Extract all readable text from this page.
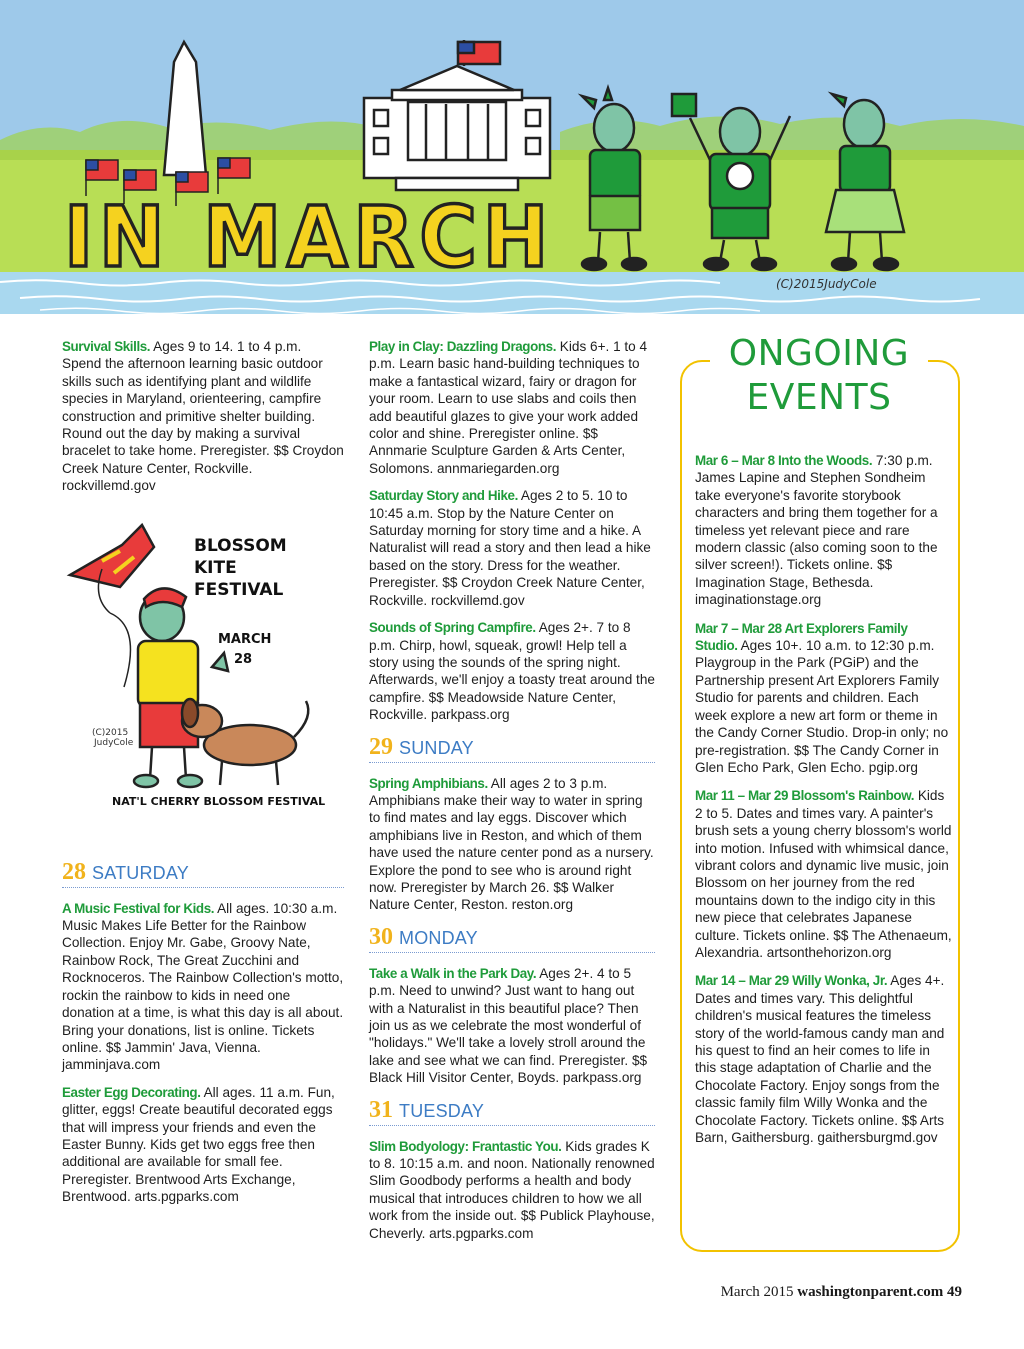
IN MARCH	(C)2015JudyCole
Survival Skills. Ages 9 to 14. 1 to 4 p.m. Spend the afternoon learning basic outdoor skills such as identifying plant and wildlife species in Maryland, orienteering, campfire construction and primitive shelter building. Round out the day by making a survival bracelet to take home. Preregister. $$ Croydon Creek Nature Center, Rockville. rockvillemd.gov
BLOSSOM
KITE
FESTIVAL
MARCH
28
(C)2015
JudyCole
NAT'L CHERRY BLOSSOM FESTIVAL
28 SATURDAY
A Music Festival for Kids. All ages. 10:30 a.m. Music Makes Life Better for the Rainbow Collection. Enjoy Mr. Gabe, Groovy Nate, Rainbow Rock, The Great Zucchini and Rocknoceros. The Rainbow Collection's motto, rockin the rainbow to kids in need one donation at a time, is what this day is all about. Bring your donations, list is online. Tickets online. $$ Jammin' Java, Vienna. jamminjava.com
Easter Egg Decorating. All ages. 11 a.m. Fun, glitter, eggs! Create beautiful decorated eggs that will impress your friends and even the Easter Bunny. Kids get two eggs free then additional are available for small fee. Preregister. Brentwood Arts Exchange, Brentwood. arts.pgparks.com
Play in Clay: Dazzling Dragons. Kids 6+. 1 to 4 p.m. Learn basic hand-building techniques to make a fantastical wizard, fairy or dragon for your room. Learn to use slabs and coils then add beautiful glazes to give your work added color and shine. Preregister online. $$ Annmarie Sculpture Garden & Arts Center, Solomons. annmariegarden.org
Saturday Story and Hike. Ages 2 to 5. 10 to 10:45 a.m. Stop by the Nature Center on Saturday morning for story time and a hike. A Naturalist will read a story and then lead a hike based on the story. Dress for the weather. Preregister. $$ Croydon Creek Nature Center, Rockville. rockvillemd.gov
Sounds of Spring Campfire. Ages 2+. 7 to 8 p.m. Chirp, howl, squeak, growl! Help tell a story using the sounds of the spring night. Afterwards, we'll enjoy a toasty treat around the campfire. $$ Meadowside Nature Center, Rockville. parkpass.org
29 SUNDAY
Spring Amphibians. All ages 2 to 3 p.m. Amphibians make their way to water in spring to find mates and lay eggs. Discover which amphibians live in Reston, and which of them have used the nature center pond as a nursery. Explore the pond to see who is around right now. Preregister by March 26. $$ Walker Nature Center, Reston. reston.org
30 MONDAY
Take a Walk in the Park Day. Ages 2+. 4 to 5 p.m. Need to unwind? Just want to hang out with a Naturalist in this beautiful place? Then join us as we celebrate the most wonderful of "holidays." We'll take a lovely stroll around the lake and see what we can find. Preregister. $$ Black Hill Visitor Center, Boyds. parkpass.org
31 TUESDAY
Slim Bodyology: Frantastic You. Kids grades K to 8. 10:15 a.m. and noon. Nationally renowned Slim Goodbody performs a health and body musical that introduces children to how we all work from the inside out. $$ Publick Playhouse, Cheverly. arts.pgparks.com
ONGOING
EVENTS
Mar 6 – Mar 8 Into the Woods. 7:30 p.m. James Lapine and Stephen Sondheim take everyone's favorite storybook characters and bring them together for a timeless yet relevant piece and rare modern classic (also coming soon to the silver screen!). Tickets online. $$ Imagination Stage, Bethesda. imaginationstage.org
Mar 7 – Mar 28 Art Explorers Family Studio. Ages 10+. 10 a.m. to 12:30 p.m. Playgroup in the Park (PGiP) and the Partnership present Art Explorers Family Studio for parents and children. Each week explore a new art form or theme in the Candy Corner Studio. Drop-in only; no pre-registration. $$ The Candy Corner in Glen Echo Park, Glen Echo. pgip.org
Mar 11 – Mar 29 Blossom's Rainbow. Kids 2 to 5. Dates and times vary. A painter's brush sets a young cherry blossom's world into motion. Infused with whimsical dance, vibrant colors and dynamic live music, join Blossom on her journey from the red mountains down to the indigo city in this new piece that celebrates Japanese culture. Tickets online. $$ The Athenaeum, Alexandria. artsonthehorizon.org
Mar 14 – Mar 29 Willy Wonka, Jr. Ages 4+. Dates and times vary. This delightful children's musical features the timeless story of the world-famous candy man and his quest to find an heir comes to life in this stage adaptation of Charlie and the Chocolate Factory. Enjoy songs from the classic family film Willy Wonka and the Chocolate Factory. Tickets online. $$ Arts Barn, Gaithersburg. gaithersburgmd.gov
March 2015 washingtonparent.com 49
